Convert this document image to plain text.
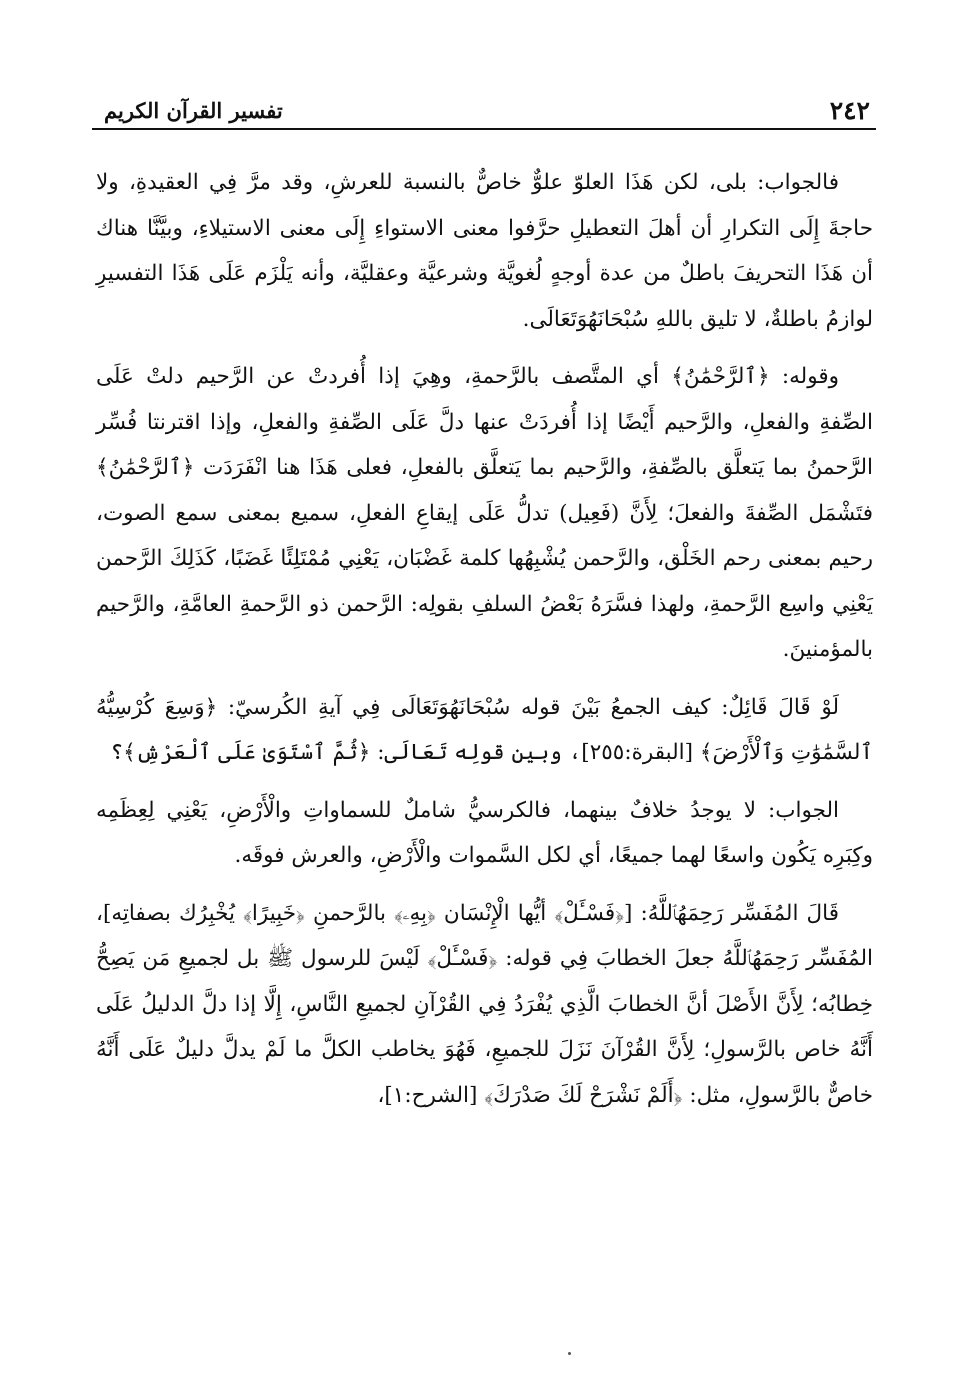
٢٤٢
تفسير القرآن الكريم

فالجواب: بلى، لكن هَذَا العلوّ علوٌّ خاصٌّ بالنسبة للعرشِ، وقد مرَّ فِي العقيدةِ، ولا حاجةَ إِلَى التكرارِ أن أهلَ التعطيلِ حرَّفوا معنى الاستواءِ إِلَى معنى الاستيلاءِ، وبيَّنَّا هناك أن هَذَا التحريفَ باطلٌ من عدة أوجهٍ لُغويَّة وشرعيَّة وعقليَّة، وأنه يَلْزَم عَلَى هَذَا التفسيرِ لوازمُ باطلةٌ، لا تليق باللهِ سُبْحَانَهُوَتَعَالَى.

وقوله: ﴿ٱلرَّحْمَٰنُ﴾ أي المتَّصف بالرَّحمةِ، وهِيَ إذا أُفردتْ عن الرَّحيم دلتْ عَلَى الصِّفةِ والفعلِ، والرَّحيم أَيْضًا إذا أُفردَتْ عنها دلَّ عَلَى الصِّفةِ والفعلِ، وإذا اقترنتا فُسِّر الرَّحمنُ بما يَتعلَّق بالصِّفةِ، والرَّحيم بما يَتعلَّق بالفعلِ، فعلى هَذَا هنا انْفَرَدَت ﴿ٱلرَّحْمَٰنُ﴾ فتَشْمَل الصِّفةَ والفعلَ؛ لِأَنَّ (فَعِيل) تدلُّ عَلَى إيقاعِ الفعلِ، سميع بمعنى سمع الصوت، رحيم بمعنى رحم الخَلْق، والرَّحمن يُشْبِهُها كلمة غَضْبَان، يَعْنِي مُمْتَلِئًا غَضَبًا، كَذَلِكَ الرَّحمن يَعْنِي واسِع الرَّحمةِ، ولهذا فسَّرَهُ بَعْضُ السلفِ بقولِه: الرَّحمن ذو الرَّحمةِ العامَّةِ، والرَّحيم بالمؤمنينَ.

لَوْ قَالَ قَائِلٌ: كيف الجمعُ بَيْنَ قوله سُبْحَانَهُوَتَعَالَى فِي آيةِ الكُرسيّ: ﴿وَسِعَ كُرْسِيُّهُ ٱلسَّمَٰوَٰتِ وَٱلْأَرْضَ﴾ [البقرة:٢٥٥]، وبين قولِه تَعَالَى: ﴿ثُمَّ ٱسْتَوَىٰ عَلَى ٱلْعَرْشِ﴾؟

الجواب: لا يوجدُ خلافٌ بينهما، فالكرسيُّ شاملٌ للسماواتِ والْأَرْضِ، يَعْنِي لِعِظَمِه وكِبَرِه يَكُون واسعًا لهما جميعًا، أي لكل السَّموات والْأَرْضِ، والعرش فوقَه.

قَالَ المُفَسِّر رَحِمَهُٱللَّهُ: [﴿فَسْـَٔلْ﴾ أيُّها الْإِنْسَان ﴿بِهِۦ﴾ بالرَّحمنِ ﴿خَبِيرًا﴾ يُخْبِرُك بصفاتِه]، المُفَسِّر رَحِمَهُٱللَّهُ جعلَ الخطابَ فِي قوله: ﴿فَسْـَٔلْ﴾ لَيْسَ للرسول ﷺ بل لجميعِ مَن يَصِحُّ خِطابُه؛ لِأَنَّ الأَصْلَ أنَّ الخطابَ الَّذِي يُفْرَدُ فِي القُرْآنِ لجميعِ النَّاسِ، إِلَّا إذا دلَّ الدليلُ عَلَى أَنَّهُ خاص بالرَّسولِ؛ لِأَنَّ القُرْآنَ نَزَلَ للجميعِ، فَهُوَ يخاطب الكلَّ ما لَمْ يدلَّ دليلٌ عَلَى أَنَّهُ خاصٌّ بالرَّسولِ، مثل: ﴿أَلَمْ نَشْرَحْ لَكَ صَدْرَكَ﴾ [الشرح:١]،
